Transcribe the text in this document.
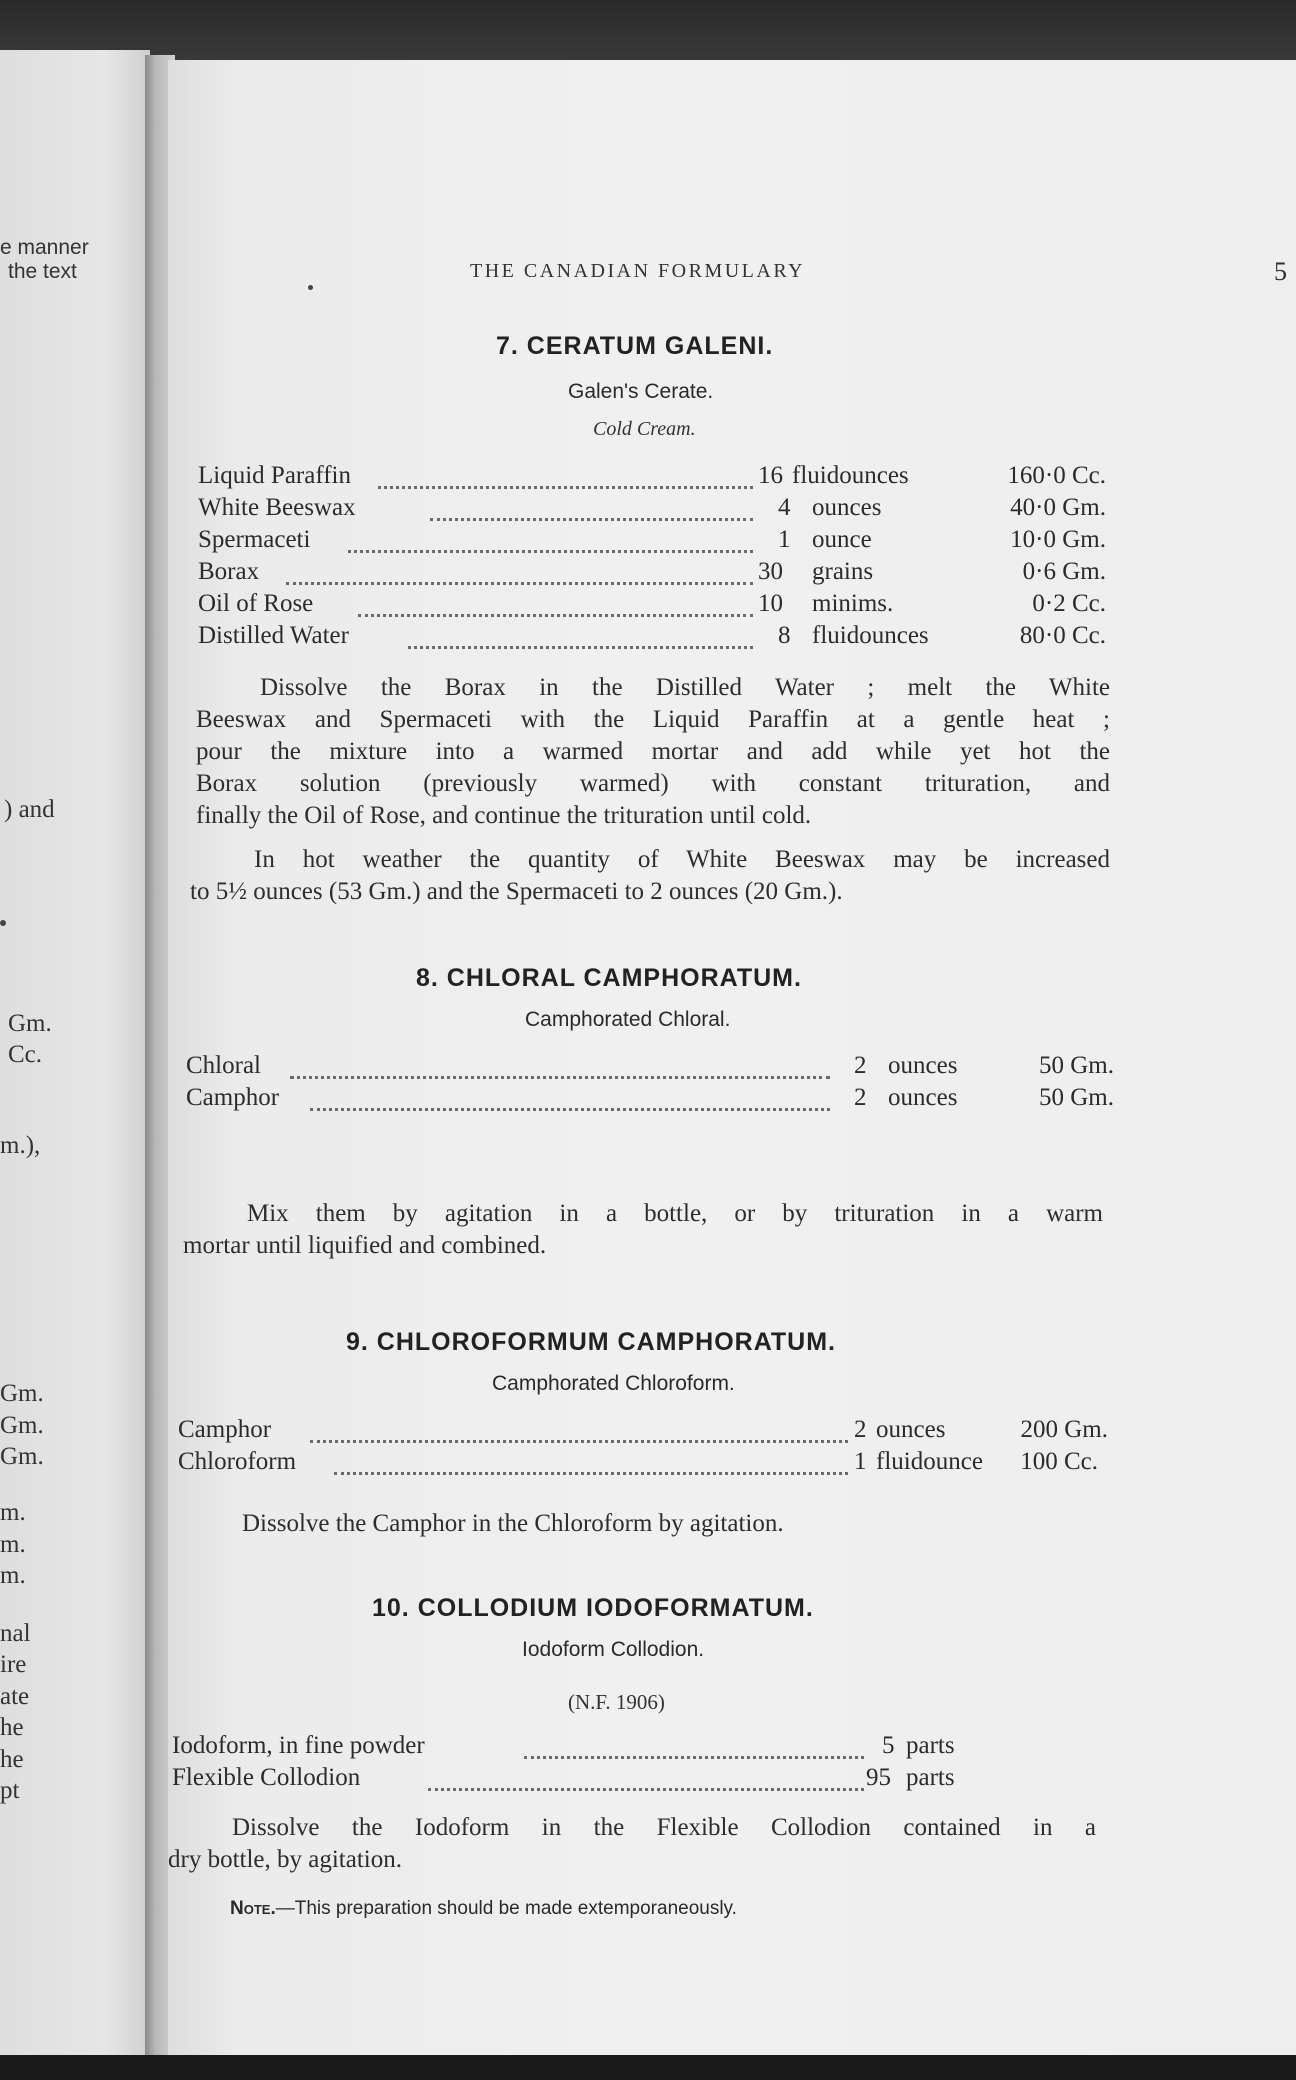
e manner
the text
) and
Gm.
Cc.
m.),
Gm.
Gm.
Gm.
m.
m.
m.
nal
ire
ate
he
he
pt
THE CANADIAN FORMULARY	5
7. CERATUM GALENI.
Galen's Cerate.
Cold Cream.
Liquid Paraffin	16 fluidounces	160·0 Cc.
White Beeswax	4 ounces	40·0 Gm.
Spermaceti	1 ounce	10·0 Gm.
Borax	30 grains	0·6 Gm.
Oil of Rose	10 minims.	0·2 Cc.
Distilled Water	8 fluidounces	80·0 Cc.
Dissolve the Borax in the Distilled Water ; melt the White
Beeswax and Spermaceti with the Liquid Paraffin at a gentle heat ;
pour the mixture into a warmed mortar and add while yet hot the
Borax solution (previously warmed) with constant trituration, and
finally the Oil of Rose, and continue the trituration until cold.
In hot weather the quantity of White Beeswax may be increased
to 5½ ounces (53 Gm.) and the Spermaceti to 2 ounces (20 Gm.).
8. CHLORAL CAMPHORATUM.
Camphorated Chloral.
Chloral	2 ounces	50 Gm.
Camphor	2 ounces	50 Gm.
Mix them by agitation in a bottle, or by trituration in a warm
mortar until liquified and combined.
9. CHLOROFORMUM CAMPHORATUM.
Camphorated Chloroform.
Camphor	2 ounces	200 Gm.
Chloroform	1 fluidounce	100 Cc.
Dissolve the Camphor in the Chloroform by agitation.
10. COLLODIUM IODOFORMATUM.
Iodoform Collodion.
(N.F. 1906)
Iodoform, in fine powder	5 parts
Flexible Collodion	95 parts
Dissolve the Iodoform in the Flexible Collodion contained in a
dry bottle, by agitation.
Note.—This preparation should be made extemporaneously.
